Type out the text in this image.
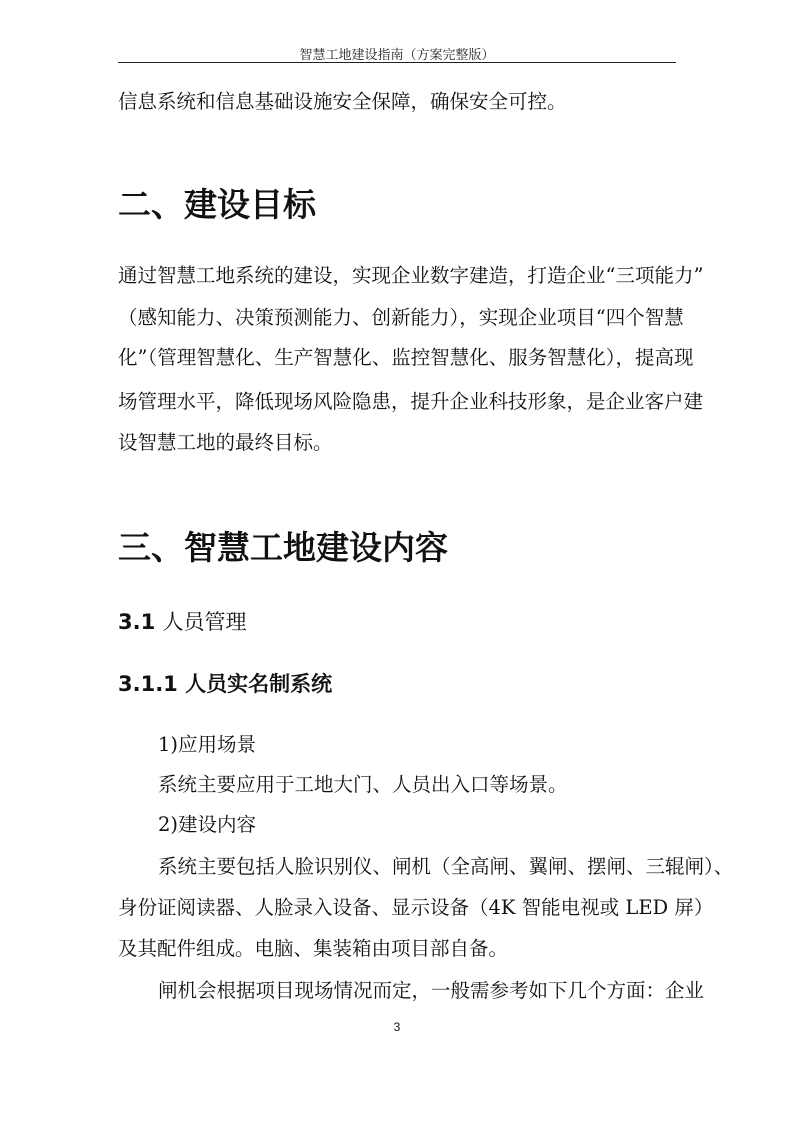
智慧工地建设指南（方案完整版）
信息系统和信息基础设施安全保障，确保安全可控。
二、建设目标
通过智慧工地系统的建设，实现企业数字建造，打造企业“三项能力”
（感知能力、决策预测能力、创新能力），实现企业项目“四个智慧
化”（管理智慧化、生产智慧化、监控智慧化、服务智慧化），提高现
场管理水平，降低现场风险隐患，提升企业科技形象，是企业客户建
设智慧工地的最终目标。
三、智慧工地建设内容
3.1 人员管理
3.1.1 人员实名制系统
1)应用场景
系统主要应用于工地大门、人员出入口等场景。
2)建设内容
系统主要包括人脸识别仪、闸机（全高闸、翼闸、摆闸、三辊闸）、
身份证阅读器、人脸录入设备、显示设备（4K 智能电视或 LED 屏）
及其配件组成。电脑、集装箱由项目部自备。
闸机会根据项目现场情况而定，一般需参考如下几个方面：企业
3
